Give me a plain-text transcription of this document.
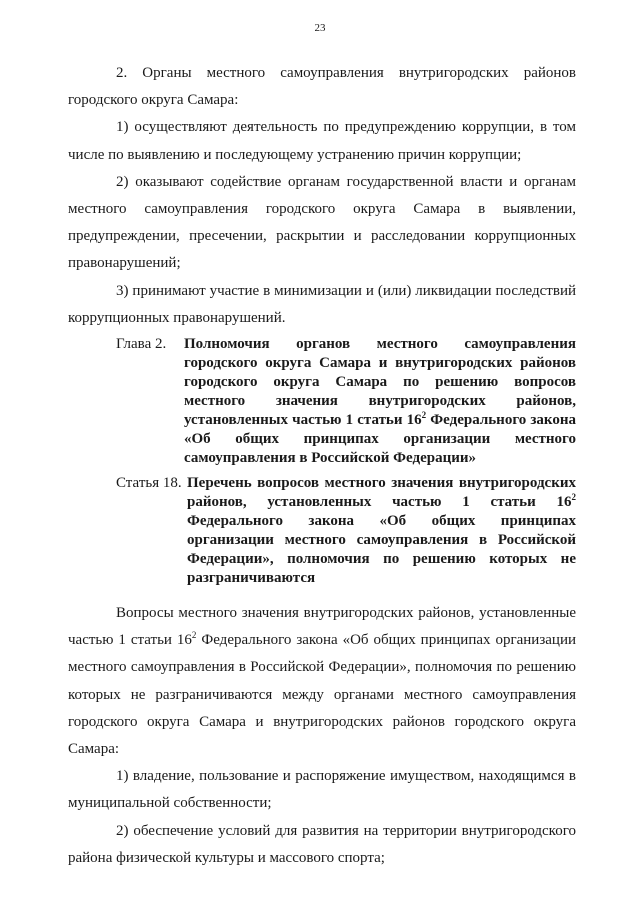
23

2. Органы местного самоуправления внутригородских районов городского округа Самара:

1) осуществляют деятельность по предупреждению коррупции, в том числе по выявлению и последующему устранению причин коррупции;

2) оказывают содействие органам государственной власти и органам местного самоуправления городского округа Самара в выявлении, предупреждении, пресечении, раскрытии и расследовании коррупционных правонарушений;

3) принимают участие в минимизации и (или) ликвидации последствий коррупционных правонарушений.

Глава 2.	Полномочия органов местного самоуправления городского округа Самара и внутригородских районов городского округа Самара по решению вопросов местного значения внутригородских районов, установленных частью 1 статьи $16^2$ Федерального закона «Об общих принципах организации местного самоуправления в Российской Федерации»
Статья 18. Перечень вопросов местного значения внутригородских районов, установленных частью 1 статьи $16^2$ Федерального закона «Об общих принципах организации местного самоуправления в Российской Федерации», полномочия по решению которых не разграничиваются

Вопросы местного значения внутригородских районов, установленные частью 1 статьи $16^2$ Федерального закона «Об общих принципах организации местного самоуправления в Российской Федерации», полномочия по решению которых не разграничиваются между органами местного самоуправления городского округа Самара и внутригородских районов городского округа Самара:

1) владение, пользование и распоряжение имуществом, находящимся в муниципальной собственности;

2) обеспечение условий для развития на территории внутригородского района физической культуры и массового спорта;
